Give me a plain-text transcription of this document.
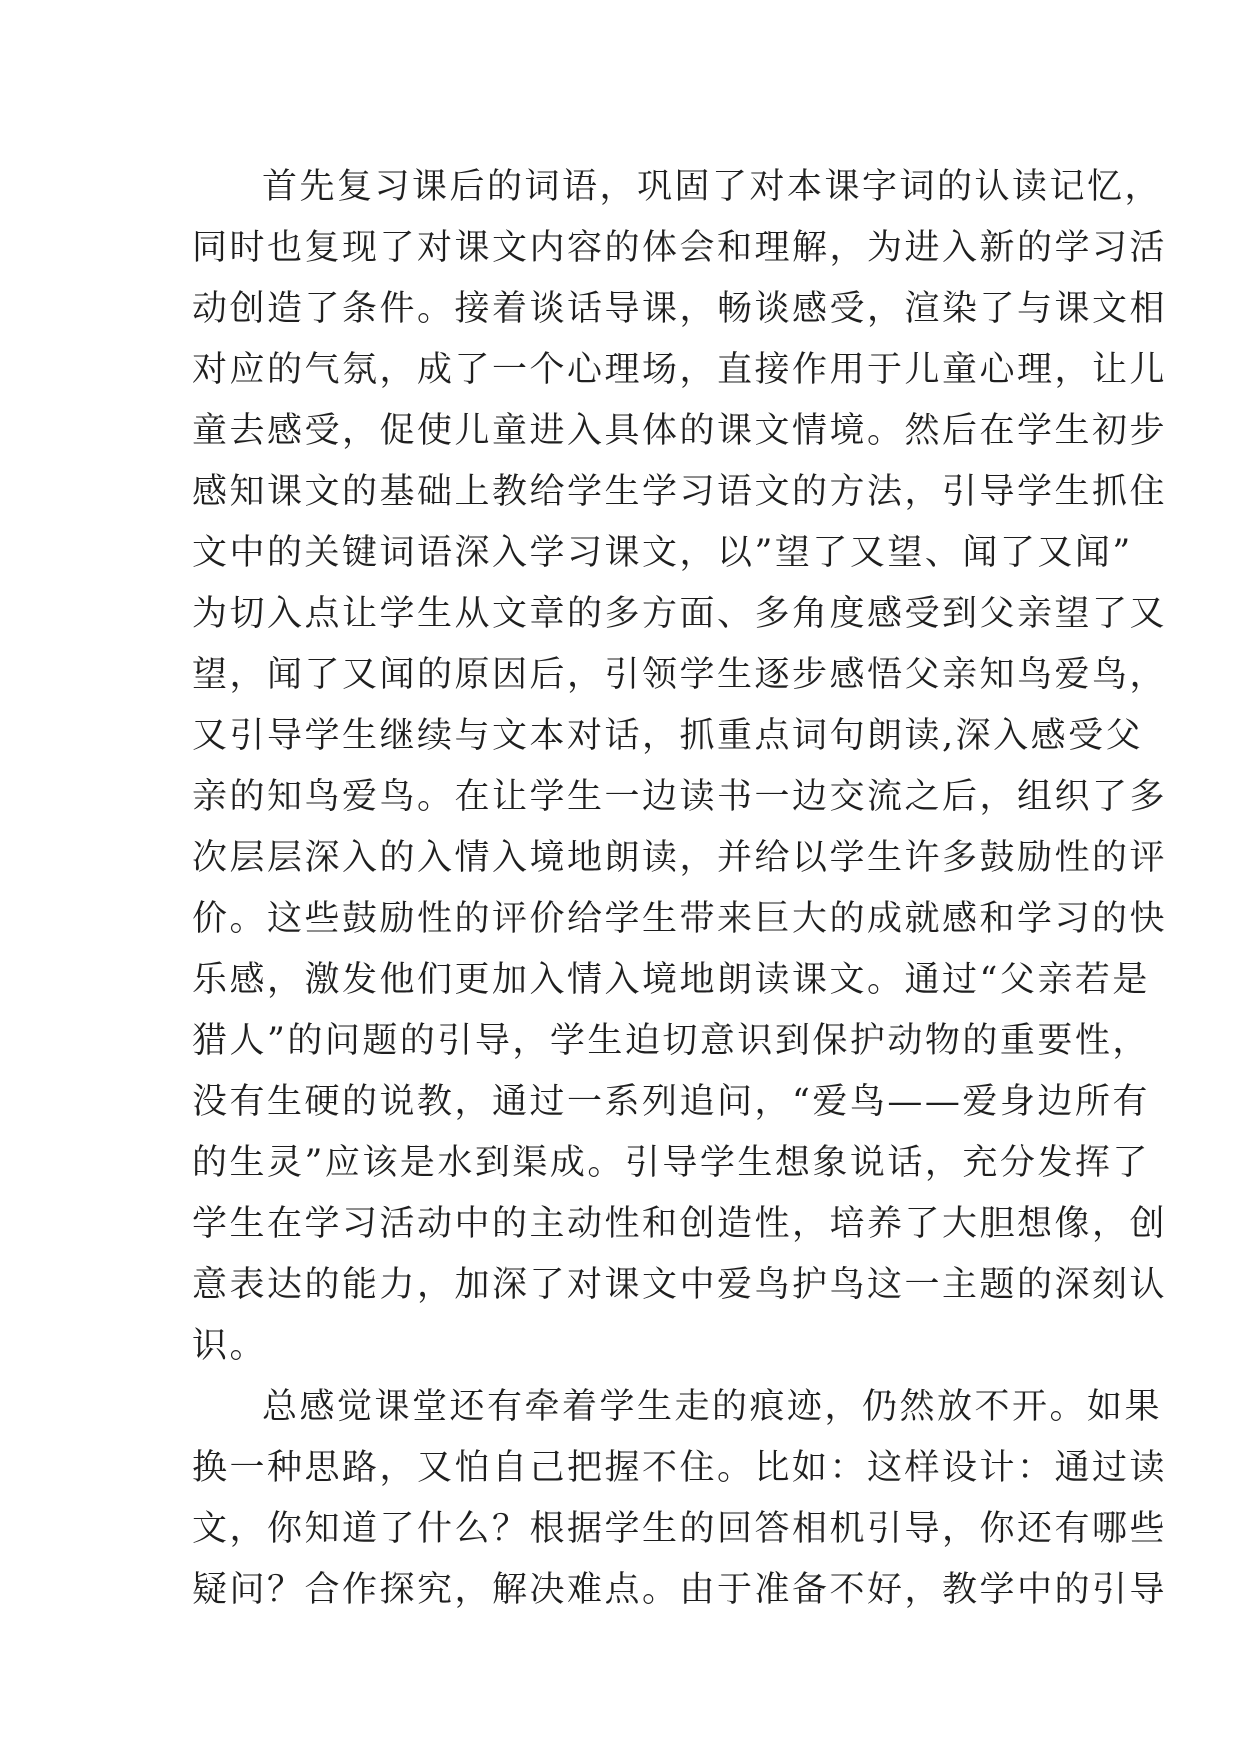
首先复习课后的词语，巩固了对本课字词的认读记忆，
同时也复现了对课文内容的体会和理解，为进入新的学习活
动创造了条件。接着谈话导课，畅谈感受，渲染了与课文相
对应的气氛，成了一个心理场，直接作用于儿童心理，让儿
童去感受，促使儿童进入具体的课文情境。然后在学生初步
感知课文的基础上教给学生学习语文的方法，引导学生抓住
文中的关键词语深入学习课文，以”望了又望、闻了又闻”
为切入点让学生从文章的多方面、多角度感受到父亲望了又
望，闻了又闻的原因后，引领学生逐步感悟父亲知鸟爱鸟，
又引导学生继续与文本对话，抓重点词句朗读,深入感受父
亲的知鸟爱鸟。在让学生一边读书一边交流之后，组织了多
次层层深入的入情入境地朗读，并给以学生许多鼓励性的评
价。这些鼓励性的评价给学生带来巨大的成就感和学习的快
乐感，激发他们更加入情入境地朗读课文。通过“父亲若是
猎人”的问题的引导，学生迫切意识到保护动物的重要性，
没有生硬的说教，通过一系列追问，“爱鸟——爱身边所有
的生灵”应该是水到渠成。引导学生想象说话，充分发挥了
学生在学习活动中的主动性和创造性，培养了大胆想像，创
意表达的能力，加深了对课文中爱鸟护鸟这一主题的深刻认
识。
总感觉课堂还有牵着学生走的痕迹，仍然放不开。如果
换一种思路，又怕自己把握不住。比如：这样设计：通过读
文，你知道了什么？根据学生的回答相机引导，你还有哪些
疑问？合作探究，解决难点。由于准备不好，教学中的引导
